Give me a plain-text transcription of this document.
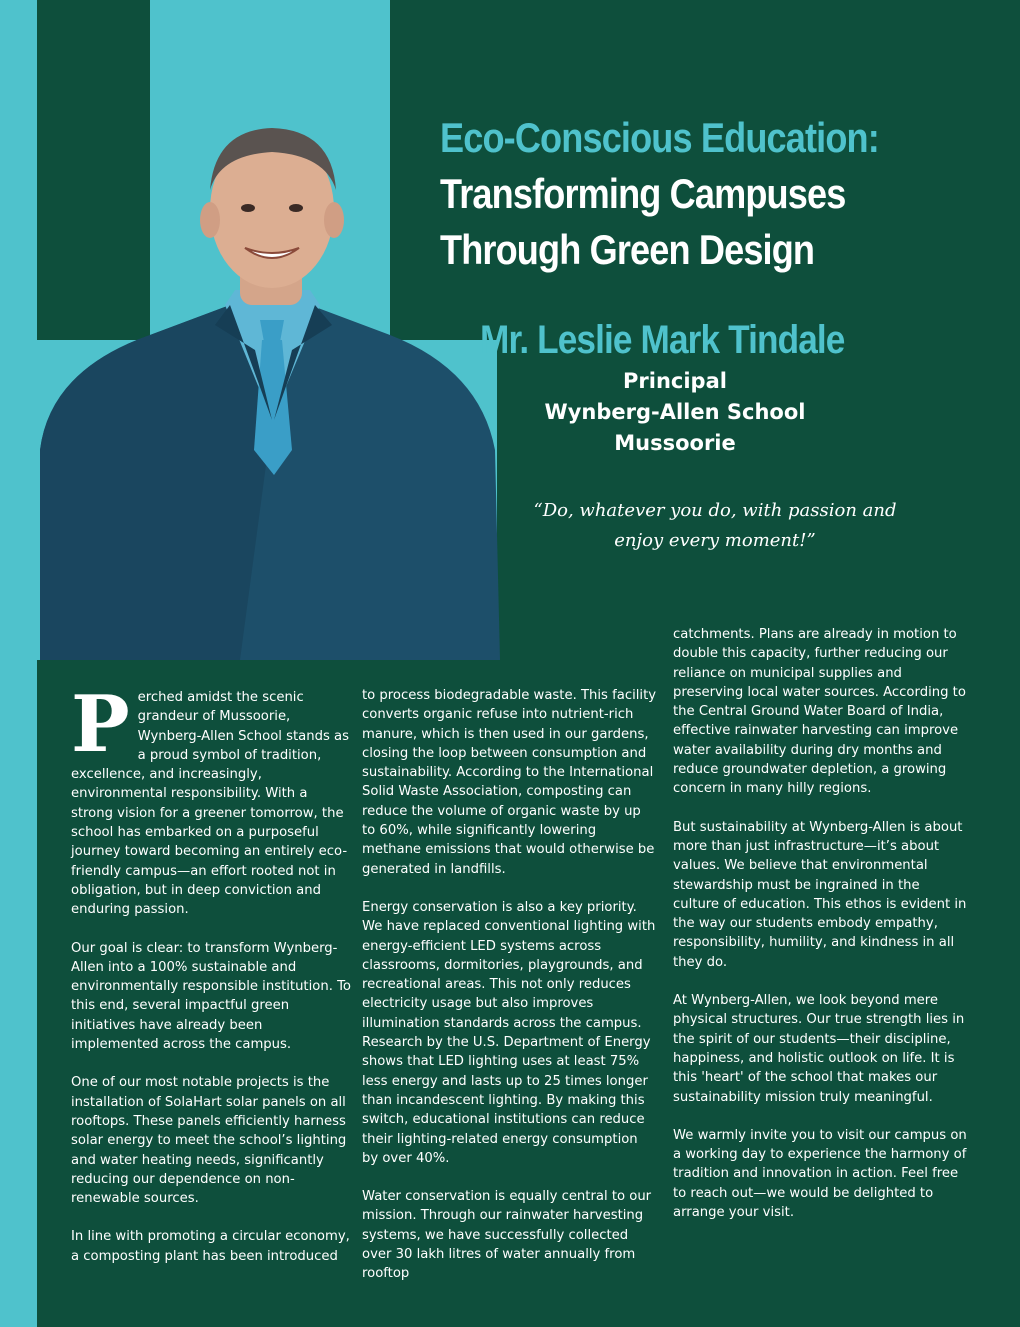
Eco-Conscious Education:
Transforming Campuses
Through Green Design
Mr. Leslie Mark Tindale
Principal
Wynberg-Allen School
Mussoorie
“Do, whatever you do, with passion and
enjoy every moment!”

Perched amidst the scenic grandeur of Mussoorie, Wynberg-Allen School stands as a proud symbol of tradition, excellence, and increasingly, environmental responsibility. With a strong vision for a greener tomorrow, the school has embarked on a purposeful journey toward becoming an entirely eco-friendly campus—an effort rooted not in obligation, but in deep conviction and enduring passion.

Our goal is clear: to transform Wynberg-Allen into a 100% sustainable and environmentally responsible institution. To this end, several impactful green initiatives have already been implemented across the campus.

One of our most notable projects is the installation of SolaHart solar panels on all rooftops. These panels efficiently harness solar energy to meet the school’s lighting and water heating needs, significantly reducing our dependence on non-renewable sources.

In line with promoting a circular economy, a composting plant has been introduced

to process biodegradable waste. This facility converts organic refuse into nutrient-rich manure, which is then used in our gardens, closing the loop between consumption and sustainability. According to the International Solid Waste Association, composting can reduce the volume of organic waste by up to 60%, while significantly lowering methane emissions that would otherwise be generated in landfills.

Energy conservation is also a key priority. We have replaced conventional lighting with energy-efficient LED systems across classrooms, dormitories, playgrounds, and recreational areas. This not only reduces electricity usage but also improves illumination standards across the campus. Research by the U.S. Department of Energy shows that LED lighting uses at least 75% less energy and lasts up to 25 times longer than incandescent lighting. By making this switch, educational institutions can reduce their lighting-related energy consumption by over 40%.

Water conservation is equally central to our mission. Through our rainwater harvesting systems, we have successfully collected over 30 lakh litres of water annually from rooftop

catchments. Plans are already in motion to double this capacity, further reducing our reliance on municipal supplies and preserving local water sources. According to the Central Ground Water Board of India, effective rainwater harvesting can improve water availability during dry months and reduce groundwater depletion, a growing concern in many hilly regions.

But sustainability at Wynberg-Allen is about more than just infrastructure—it’s about values. We believe that environmental stewardship must be ingrained in the culture of education. This ethos is evident in the way our students embody empathy, responsibility, humility, and kindness in all they do.

At Wynberg-Allen, we look beyond mere physical structures. Our true strength lies in the spirit of our students—their discipline, happiness, and holistic outlook on life. It is this 'heart' of the school that makes our sustainability mission truly meaningful.

We warmly invite you to visit our campus on a working day to experience the harmony of tradition and innovation in action. Feel free to reach out—we would be delighted to arrange your visit.
